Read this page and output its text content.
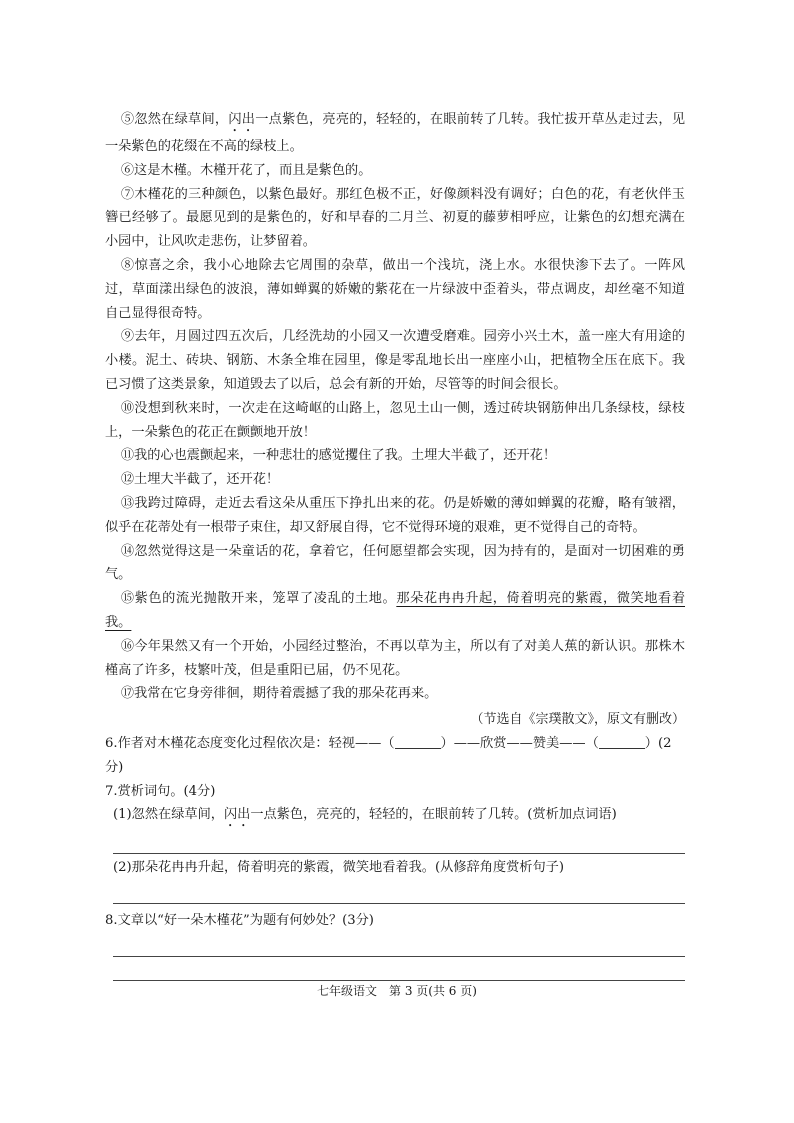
⑤忽然在绿草间，闪出一点紫色，亮亮的，轻轻的，在眼前转了几转。我忙拔开草丛走过去，见一朵紫色的花缀在不高的绿枝上。

⑥这是木槿。木槿开花了，而且是紫色的。

⑦木槿花的三种颜色，以紫色最好。那红色极不正，好像颜料没有调好；白色的花，有老伙伴玉簪已经够了。最愿见到的是紫色的，好和早春的二月兰、初夏的藤萝相呼应，让紫色的幻想充满在小园中，让风吹走悲伤，让梦留着。

⑧惊喜之余，我小心地除去它周围的杂草，做出一个浅坑，浇上水。水很快渗下去了。一阵风过，草面漾出绿色的波浪，薄如蝉翼的娇嫩的紫花在一片绿波中歪着头，带点调皮，却丝毫不知道自己显得很奇特。

⑨去年，月圆过四五次后，几经洗劫的小园又一次遭受磨难。园旁小兴土木，盖一座大有用途的小楼。泥土、砖块、钢筋、木条全堆在园里，像是零乱地长出一座座小山，把植物全压在底下。我已习惯了这类景象，知道毁去了以后，总会有新的开始，尽管等的时间会很长。

⑩没想到秋来时，一次走在这崎岖的山路上，忽见土山一侧，透过砖块钢筋伸出几条绿枝，绿枝上，一朵紫色的花正在颤颤地开放！

⑪我的心也震颤起来，一种悲壮的感觉攫住了我。土埋大半截了，还开花！

⑫土埋大半截了，还开花！

⑬我跨过障碍，走近去看这朵从重压下挣扎出来的花。仍是娇嫩的薄如蝉翼的花瓣，略有皱褶，似乎在花蒂处有一根带子束住，却又舒展自得，它不觉得环境的艰难，更不觉得自己的奇特。

⑭忽然觉得这是一朵童话的花，拿着它，任何愿望都会实现，因为持有的，是面对一切困难的勇气。

⑮紫色的流光抛散开来，笼罩了凌乱的土地。那朵花冉冉升起，倚着明亮的紫霞，微笑地看着我。

⑯今年果然又有一个开始，小园经过整治，不再以草为主，所以有了对美人蕉的新认识。那株木槿高了许多，枝繁叶茂，但是重阳已届，仍不见花。

⑰我常在它身旁徘徊，期待着震撼了我的那朵花再来。

（节选自《宗璞散文》，原文有删改）

6.作者对木槿花态度变化过程依次是：轻视——（	）——欣赏——赞美——（	）(2分)

7.赏析词句。(4分)

(1)忽然在绿草间，闪出一点紫色，亮亮的，轻轻的，在眼前转了几转。(赏析加点词语)

(2)那朵花冉冉升起，倚着明亮的紫霞，微笑地看着我。(从修辞角度赏析句子)

8.文章以“好一朵木槿花”为题有何妙处？(3分)

七年级语文　第 3 页(共 6 页)
